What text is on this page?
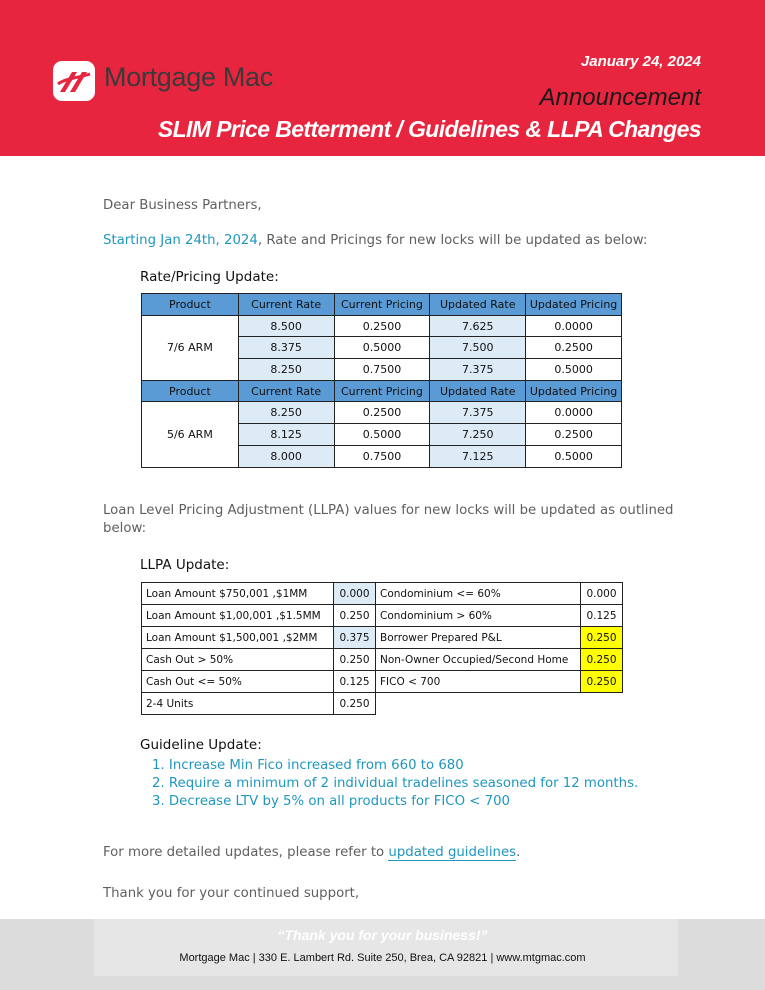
Mortgage Mac
January 24, 2024
Announcement
SLIM Price Betterment / Guidelines & LLPA Changes
Dear Business Partners,
Starting Jan 24th, 2024, Rate and Pricings for new locks will be updated as below:
Rate/Pricing Update:
Product	Current Rate	Current Pricing	Updated Rate	Updated Pricing
7/6 ARM	8.500	0.2500	7.625	0.0000
	8.375	0.5000	7.500	0.2500
	8.250	0.7500	7.375	0.5000
Product	Current Rate	Current Pricing	Updated Rate	Updated Pricing
5/6 ARM	8.250	0.2500	7.375	0.0000
	8.125	0.5000	7.250	0.2500
	8.000	0.7500	7.125	0.5000
Loan Level Pricing Adjustment (LLPA) values for new locks will be updated as outlined
below:
LLPA Update:
Loan Amount $750,001 ,$1MM	0.000	Condominium <= 60%	0.000
Loan Amount $1,00,001 ,$1.5MM	0.250	Condominium > 60%	0.125
Loan Amount $1,500,001 ,$2MM	0.375	Borrower Prepared P&L	0.250
Cash Out > 50%	0.250	Non-Owner Occupied/Second Home	0.250
Cash Out <= 50%	0.125	FICO < 700	0.250
2-4 Units	0.250		
Guideline Update:
1. Increase Min Fico increased from 660 to 680
2. Require a minimum of 2 individual tradelines seasoned for 12 months.
3. Decrease LTV by 5% on all products for FICO < 700
For more detailed updates, please refer to updated guidelines.
Thank you for your continued support,
“Thank you for your business!”
Mortgage Mac | 330 E. Lambert Rd. Suite 250, Brea, CA 92821 | www.mtgmac.com
